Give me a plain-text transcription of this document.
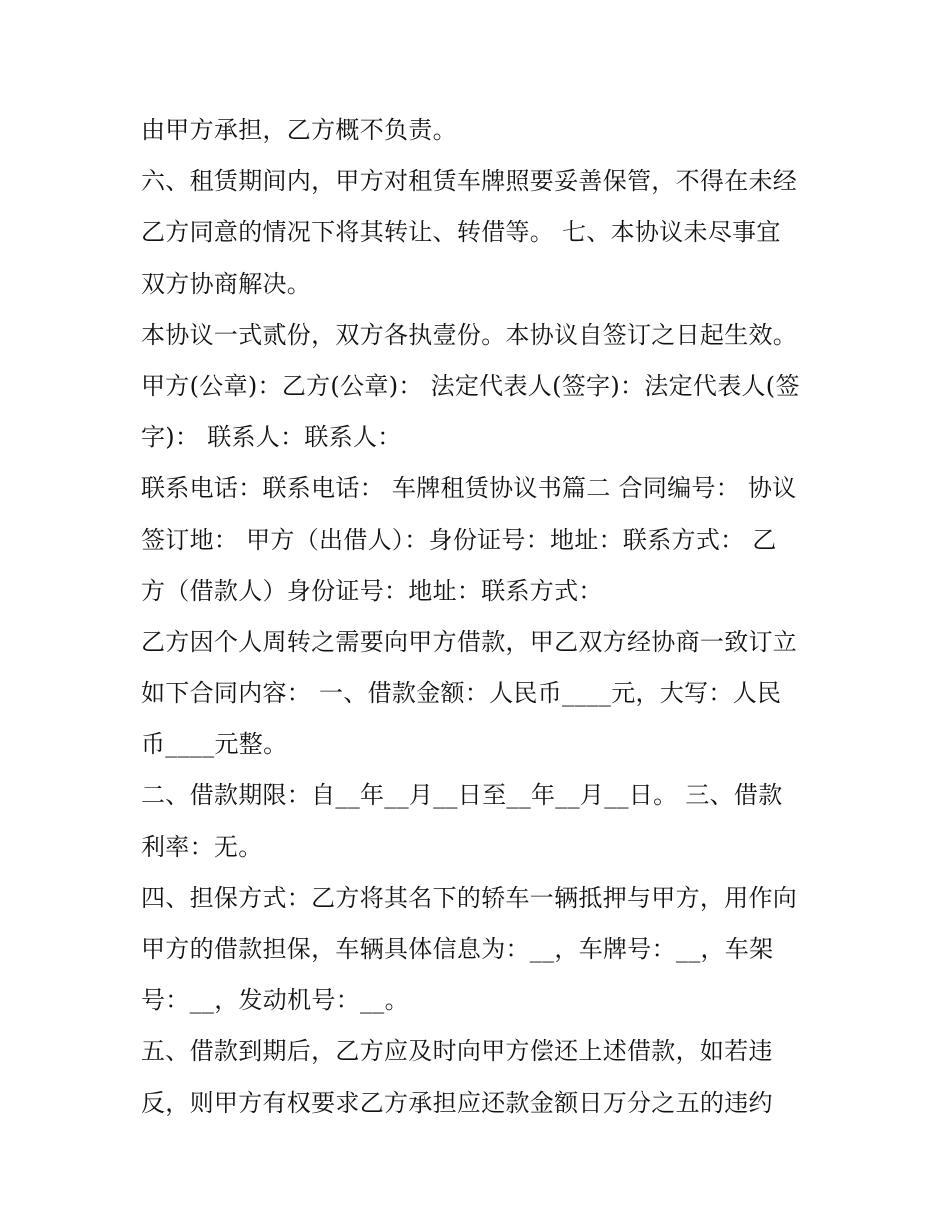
由甲方承担，乙方概不负责。
六、租赁期间内，甲方对租赁车牌照要妥善保管，不得在未经
乙方同意的情况下将其转让、转借等。 七、本协议未尽事宜
双方协商解决。
本协议一式贰份，双方各执壹份。本协议自签订之日起生效。
甲方(公章)：乙方(公章)： 法定代表人(签字)：法定代表人(签
字)： 联系人：联系人：
联系电话：联系电话： 车牌租赁协议书篇二 合同编号： 协议
签订地： 甲方（出借人）：身份证号：地址：联系方式： 乙
方（借款人）身份证号：地址：联系方式：
乙方因个人周转之需要向甲方借款，甲乙双方经协商一致订立
如下合同内容： 一、借款金额：人民币____元，大写：人民
币____元整。
二、借款期限：自__年__月__日至__年__月__日。 三、借款
利率：无。
四、担保方式：乙方将其名下的轿车一辆抵押与甲方，用作向
甲方的借款担保，车辆具体信息为：__，车牌号：__，车架
号：__，发动机号：__。
五、借款到期后，乙方应及时向甲方偿还上述借款，如若违
反，则甲方有权要求乙方承担应还款金额日万分之五的违约
